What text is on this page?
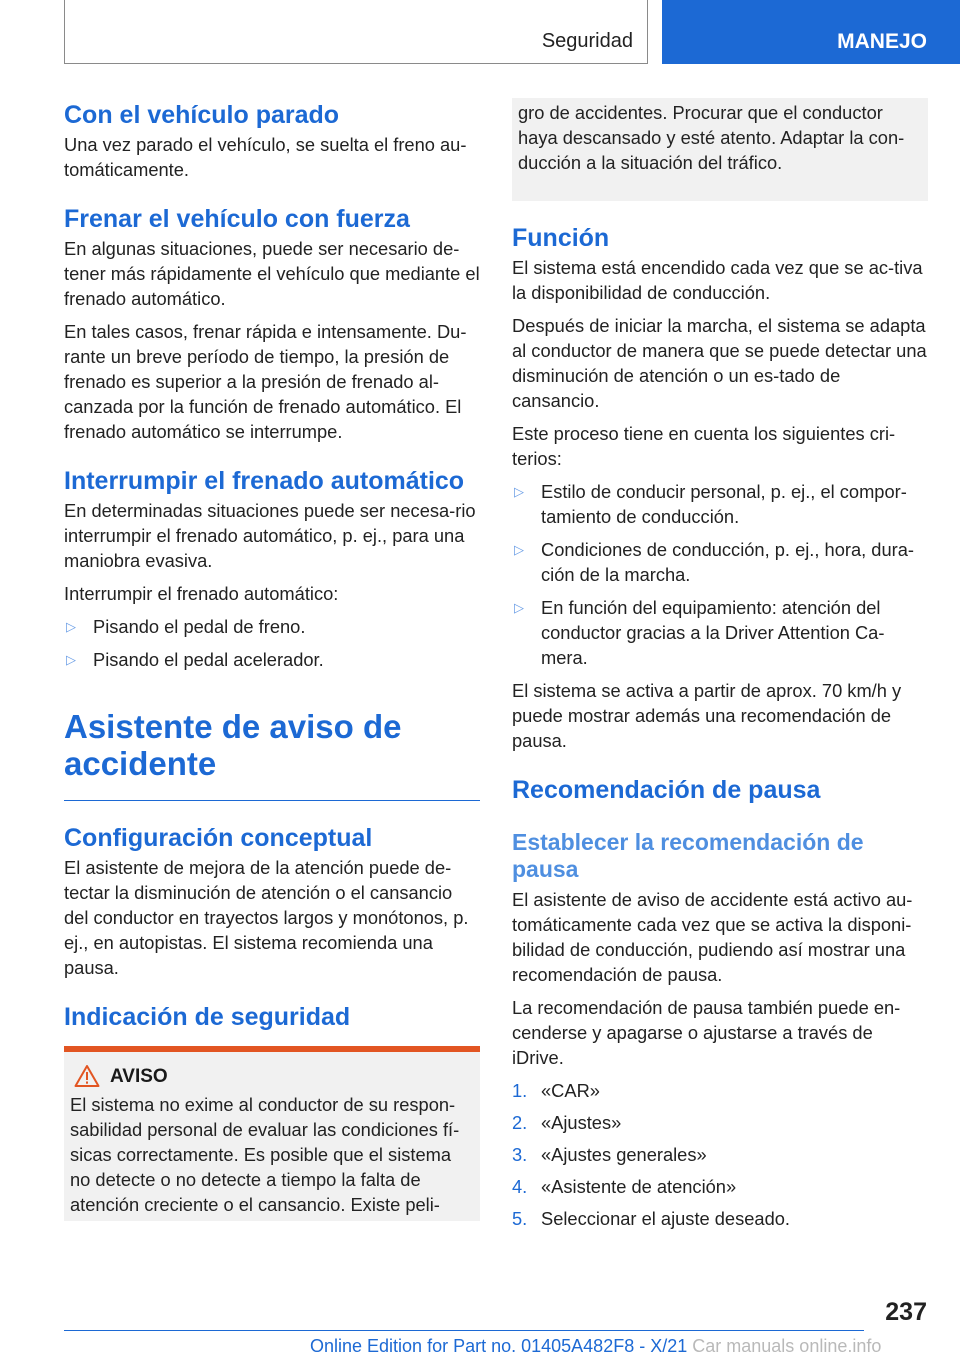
Seguridad	MANEJO
Con el vehículo parado

Una vez parado el vehículo, se suelta el freno au-tomáticamente.

Frenar el vehículo con fuerza

En algunas situaciones, puede ser necesario de-tener más rápidamente el vehículo que mediante el frenado automático.

En tales casos, frenar rápida e intensamente. Du-rante un breve período de tiempo, la presión de frenado es superior a la presión de frenado al-canzada por la función de frenado automático. El frenado automático se interrumpe.

Interrumpir el frenado automático

En determinadas situaciones puede ser necesa-rio interrumpir el frenado automático, p. ej., para una maniobra evasiva.

Interrumpir el frenado automático:

▷ Pisando el pedal de freno.
▷ Pisando el pedal acelerador.
Asistente de aviso de accidente
Configuración conceptual

El asistente de mejora de la atención puede de-tectar la disminución de atención o el cansancio del conductor en trayectos largos y monótonos, p. ej., en autopistas. El sistema recomienda una pausa.

Indicación de seguridad
AVISO

El sistema no exime al conductor de su respon-sabilidad personal de evaluar las condiciones fí-sicas correctamente. Es posible que el sistema no detecte o no detecte a tiempo la falta de atención creciente o el cansancio. Existe peli-

gro de accidentes. Procurar que el conductor haya descansado y esté atento. Adaptar la con-ducción a la situación del tráfico.

Función

El sistema está encendido cada vez que se ac-tiva la disponibilidad de conducción.

Después de iniciar la marcha, el sistema se adapta al conductor de manera que se puede detectar una disminución de atención o un es-tado de cansancio.

Este proceso tiene en cuenta los siguientes cri-terios:

▷ Estilo de conducir personal, p. ej., el compor-tamiento de conducción.
▷ Condiciones de conducción, p. ej., hora, dura-ción de la marcha.
▷ En función del equipamiento: atención del conductor gracias a la Driver Attention Ca-mera.

El sistema se activa a partir de aprox. 70 km/h y puede mostrar además una recomendación de pausa.

Recomendación de pausa
Establecer la recomendación de pausa

El asistente de aviso de accidente está activo au-tomáticamente cada vez que se activa la disponi-bilidad de conducción, pudiendo así mostrar una recomendación de pausa.

La recomendación de pausa también puede en-cenderse y apagarse o ajustarse a través de iDrive.

1. «CAR»
2. «Ajustes»
3. «Ajustes generales»
4. «Asistente de atención»
5. Seleccionar el ajuste deseado.
237
Online Edition for Part no. 01405A482F8 - X/21 Car manuals online.info
